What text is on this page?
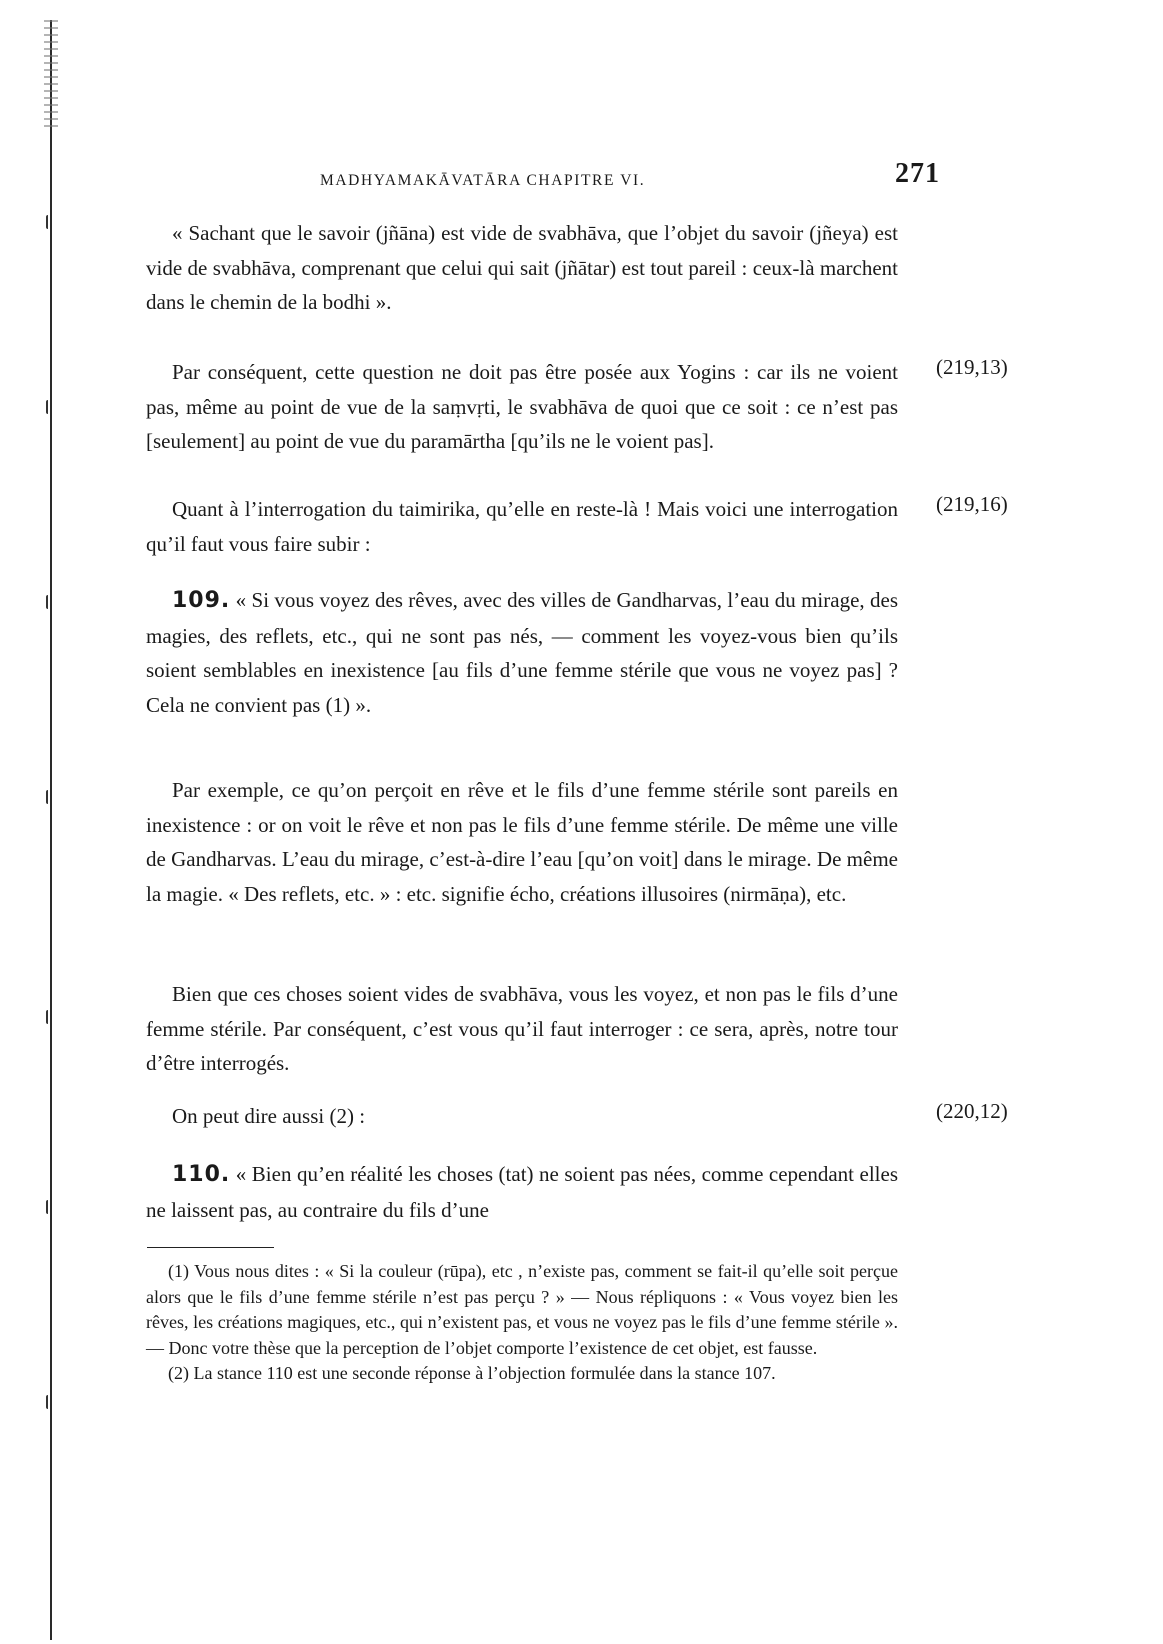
MADHYAMAKĀVATĀRA CHAPITRE VI.	271

« Sachant que le savoir (jñāna) est vide de svabhāva, que l’objet du savoir (jñeya) est vide de svabhāva, comprenant que celui qui sait (jñātar) est tout pareil : ceux-là marchent dans le chemin de la bodhi ».

Par conséquent, cette question ne doit pas être posée aux Yogins : car ils ne voient pas, même au point de vue de la saṃvṛti, le svabhāva de quoi que ce soit : ce n’est pas [seulement] au point de vue du paramārtha [qu’ils ne le voient pas].

Quant à l’interrogation du taimirika, qu’elle en reste-là ! Mais voici une interrogation qu’il faut vous faire subir :

109. « Si vous voyez des rêves, avec des villes de Gandharvas, l’eau du mirage, des magies, des reflets, etc., qui ne sont pas nés, — comment les voyez-vous bien qu’ils soient semblables en inexistence [au fils d’une femme stérile que vous ne voyez pas] ? Cela ne convient pas (1) ».

Par exemple, ce qu’on perçoit en rêve et le fils d’une femme stérile sont pareils en inexistence : or on voit le rêve et non pas le fils d’une femme stérile. De même une ville de Gandharvas. L’eau du mirage, c’est-à-dire l’eau [qu’on voit] dans le mirage. De même la magie. « Des reflets, etc. » : etc. signifie écho, créations illusoires (nirmāṇa), etc.

Bien que ces choses soient vides de svabhāva, vous les voyez, et non pas le fils d’une femme stérile. Par conséquent, c’est vous qu’il faut interroger : ce sera, après, notre tour d’être interrogés.

On peut dire aussi (2) :

110. « Bien qu’en réalité les choses (tat) ne soient pas nées, comme cependant elles ne laissent pas, au contraire du fils d’une

(219,13)
(219,16)
(220,12)

(1) Vous nous dites : « Si la couleur (rūpa), etc , n’existe pas, comment se fait-il qu’elle soit perçue alors que le fils d’une femme stérile n’est pas perçu ? » — Nous répliquons : « Vous voyez bien les rêves, les créations magiques, etc., qui n’existent pas, et vous ne voyez pas le fils d’une femme stérile ». — Donc votre thèse que la perception de l’objet comporte l’existence de cet objet, est fausse.

(2) La stance 110 est une seconde réponse à l’objection formulée dans la stance 107.
